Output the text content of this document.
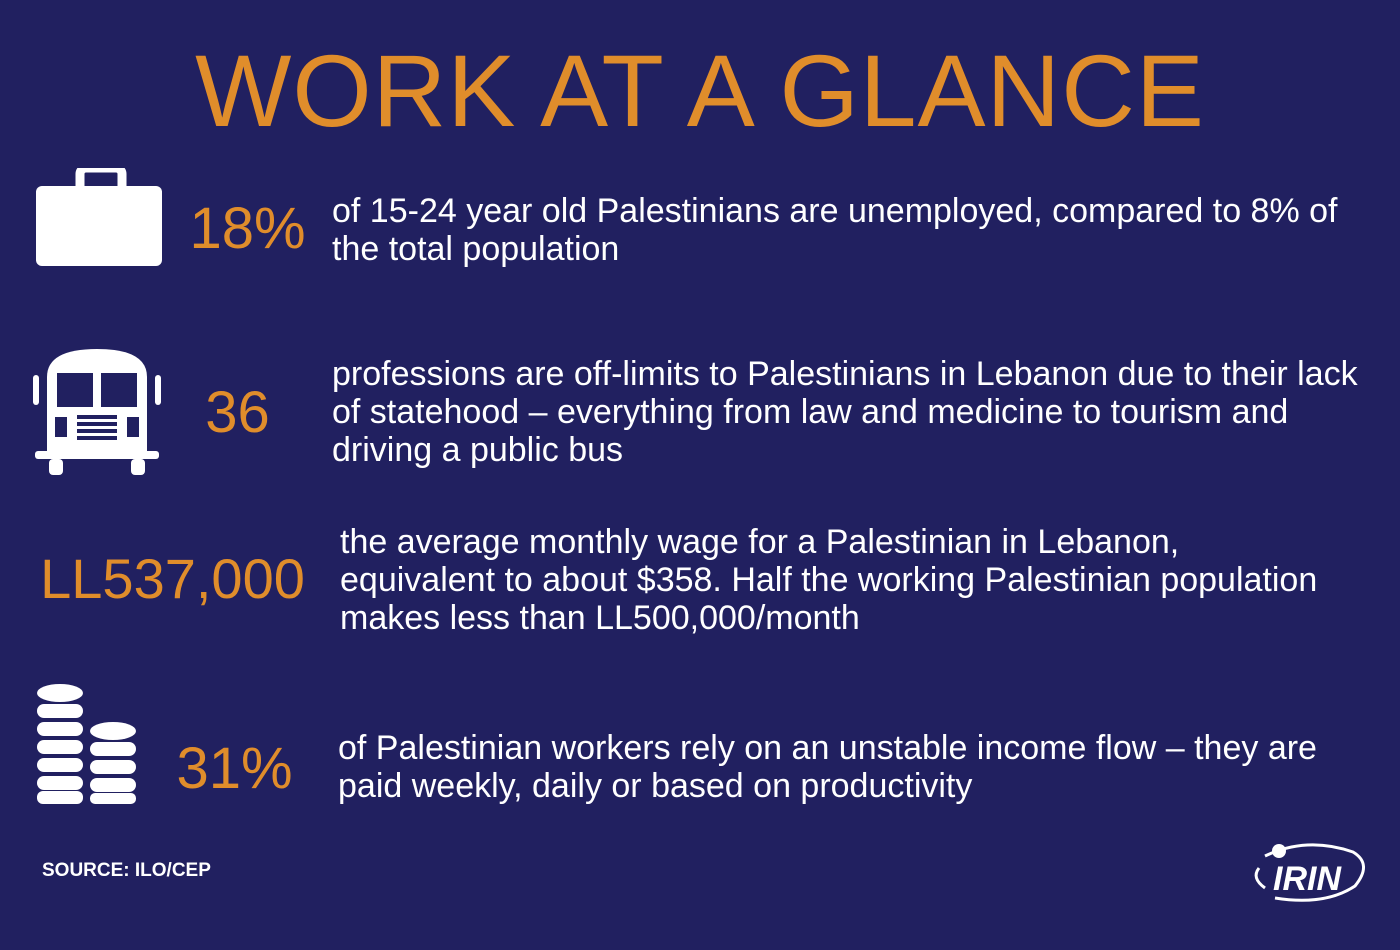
WORK AT A GLANCE
18% of 15-24 year old Palestinians are unemployed, compared to 8% of the total population
36
professions are off-limits to Palestinians in Lebanon due to their lack of statehood – everything from law and medicine to tourism and driving a public bus
LL537,000
the average monthly wage for a Palestinian in Lebanon, equivalent to about $358. Half the working Palestinian population makes less than LL500,000/month
31% of Palestinian workers rely on an unstable income flow – they are paid weekly, daily or based on productivity
SOURCE: ILO/CEP	IRIN
